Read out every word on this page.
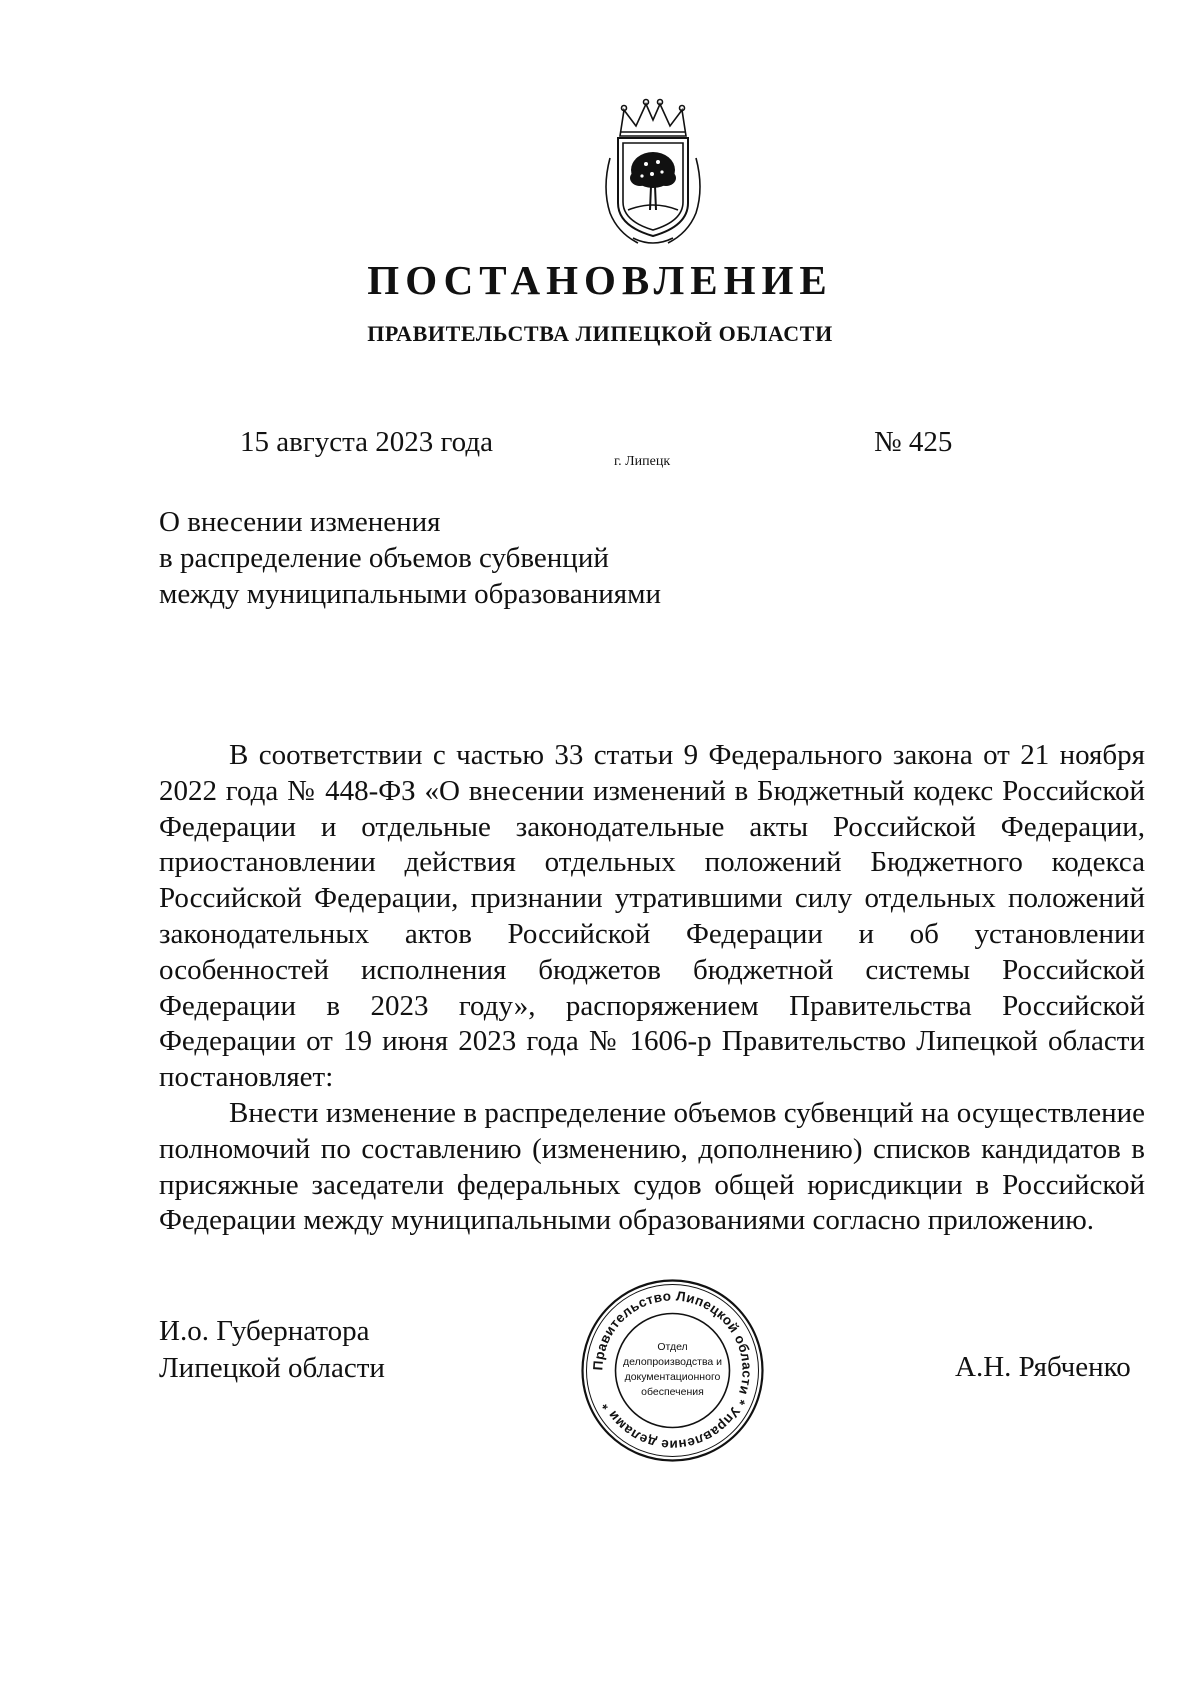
ПОСТАНОВЛЕНИЕ
ПРАВИТЕЛЬСТВА ЛИПЕЦКОЙ ОБЛАСТИ
15 августа 2023 года
г. Липецк
№ 425
О внесении изменения
в распределение объемов субвенций
между муниципальными образованиями

В соответствии с частью 33 статьи 9 Федерального закона от 21 ноября 2022 года № 448-ФЗ «О внесении изменений в Бюджетный кодекс Российской Федерации и отдельные законодательные акты Российской Федерации, приостановлении действия отдельных положений Бюджетного кодекса Российской Федерации, признании утратившими силу отдельных положений законодательных актов Российской Федерации и об установлении особенностей исполнения бюджетов бюджетной системы Российской Федерации в 2023 году», распоряжением Правительства Российской Федерации от 19 июня 2023 года № 1606-р Правительство Липецкой области постановляет:

Внести изменение в распределение объемов субвенций на осуществление полномочий по составлению (изменению, дополнению) списков кандидатов в присяжные заседатели федеральных судов общей юрисдикции в Российской Федерации между муниципальными образованиями согласно приложению.

И.о. Губернатора
Липецкой области	Правительство Липецкой области * Управление делами *
Отдел
делопроизводства и
документационного
обеспечения
А.Н. Рябченко
